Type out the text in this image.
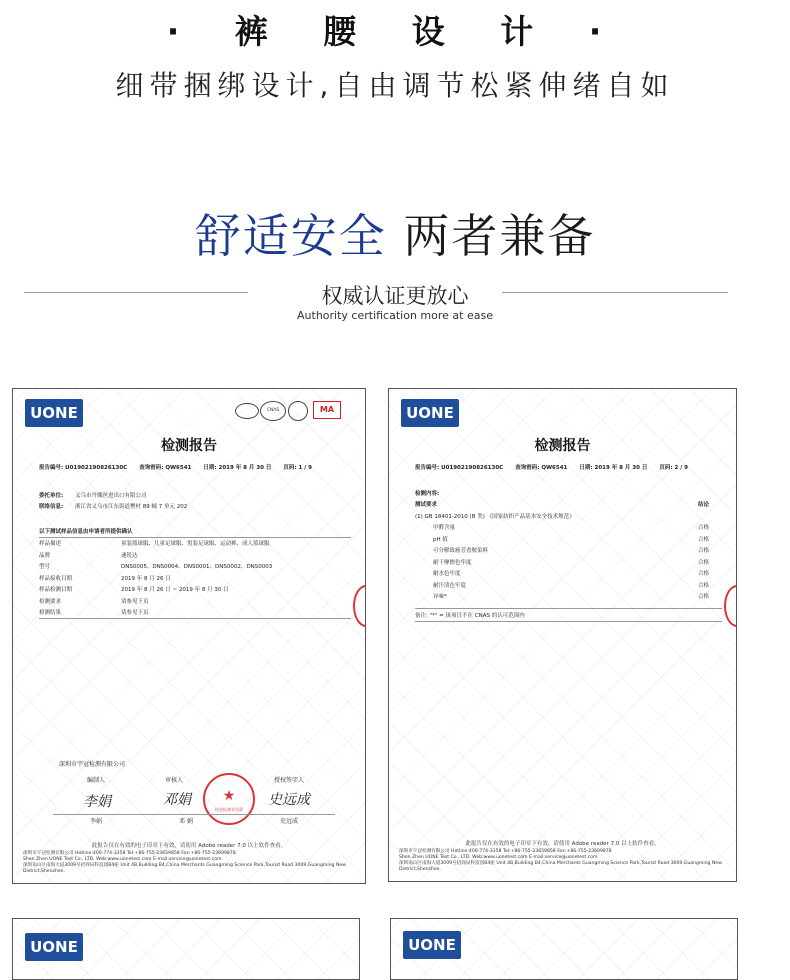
· 裤 腰 设 计 ·
细带捆绑设计,自由调节松紧伸绪自如
舒适安全 两者兼备
权威认证更放心
Authority certification more at ease
UONE	CNAS	MA
检测报告
报告编号: U01902190826130C 查询密码: QW6541 日期: 2019 年 8 月 30 日 页码: 1 / 9
委托单位:	义乌市丹娜丝进出口有限公司
联络信息:	浙江省义乌市江东街道樊村 89 幢 7 单元 202
以下测试样品信息由申请者所提供确认
样品描述	童装篮球服、儿童足球服、男装足球服、运动裤、成人篮球服
品牌	速锐达
型号	DNS0005、DNS0004、DNS0001、DNS0002、DNS0003
样品接收日期	2019 年 8 月 26 日
样品检测日期	2019 年 8 月 26 日 ~ 2019 年 8 月 30 日
检测要求	请参见下页
检测结果	请参见下页
深圳市宇冠检测有限公司
编制人	审核人	授权签字人
李娟	邓娟	史远成
★
检验检测专用章
李娟	邓 娟	史远成
此报告仅在有效的电子印章下有效，请使用 Adobe reader 7.0 以上软件查看。
深圳市宇冠检测有限公司 Hotline:400-774-3358 Tel:+86-755-23659858 Fax:+86-755-23699878
Shen Zhen UONE Test Co., LTD. Web:www.uonetest.com E-mail:service@uonetest.com
深圳南山区南海大道3009号招商局科技园B4座 Unit 4B,Building B4,China Merchants Guangming Science Park,Tourist Road 3009,Guangming New District,Shenzhen.
UONE
检测报告
报告编号: U01902190826130C 查询密码: QW6541 日期: 2019 年 8 月 30 日 页码: 2 / 9
检测内容:
测试要求	结论
(1) GB 18401-2010 (B 类) 《国家纺织产品基本安全技术规范》
甲醛含量	合格
pH 值	合格
可分解致癌芳香胺染料	合格
耐干摩擦色牢度	合格
耐水色牢度	合格
耐汗渍色牢度	合格
异味*	合格
备注: "*" = 该项目不在 CNAS 的认可范围内
此报告仅在有效的电子印章下有效，请使用 Adobe reader 7.0 以上软件查看。
深圳市宇冠检测有限公司 Hotline:400-774-3358 Tel:+86-755-23659858 Fax:+86-755-23699878
Shen Zhen UONE Test Co., LTD. Web:www.uonetest.com E-mail:service@uonetest.com
深圳南山区南海大道3009号招商局科技园B4座 Unit 4B,Building B4,China Merchants Guangming Science Park,Tourist Road 3009,Guangming New District,Shenzhen.
UONE	UONE
